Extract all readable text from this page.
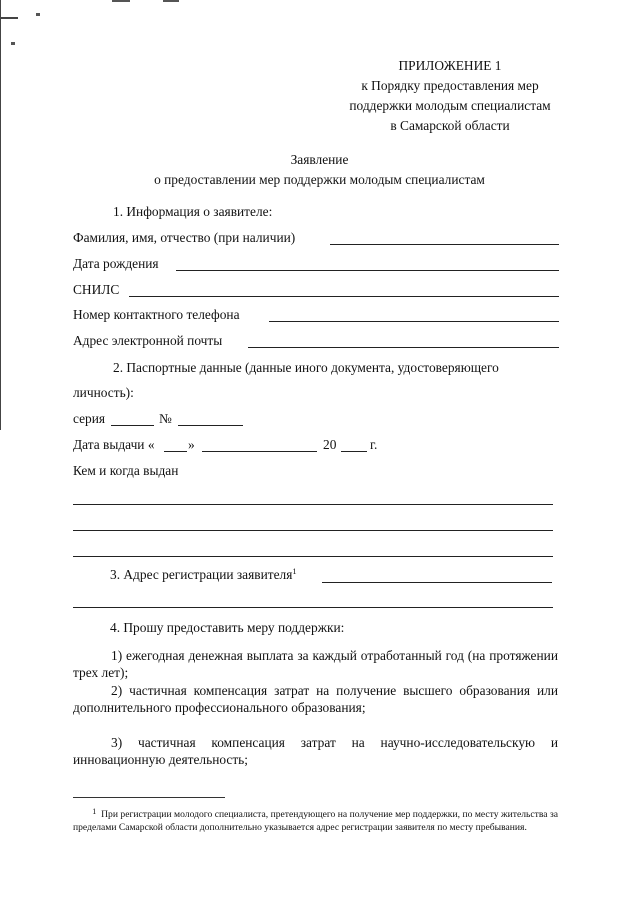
ПРИЛОЖЕНИЕ 1
к Порядку предоставления мер
поддержки молодым специалистам
в Самарской области
Заявление
о предоставлении мер поддержки молодым специалистам
1. Информация о заявителе:
Фамилия, имя, отчество (при наличии)
Дата рождения
СНИЛС
Номер контактного телефона
Адрес электронной почты
2. Паспортные данные (данные иного документа, удостоверяющего
личность):
серия	№
Дата выдачи « »	20	г.
Кем и когда выдан
3. Адрес регистрации заявителя$^1$
4. Прошу предоставить меру поддержки:
1) ежегодная денежная выплата за каждый отработанный год (на протяжении трех лет);
2) частичная компенсация затрат на получение высшего образования или дополнительного профессионального образования;
3) частичная компенсация затрат на научно-исследовательскую и инновационную деятельность;
  $^1$ При регистрации молодого специалиста, претендующего на получение мер поддержки, по месту жительства за пределами Самарской области дополнительно указывается адрес регистрации заявителя по месту пребывания.
